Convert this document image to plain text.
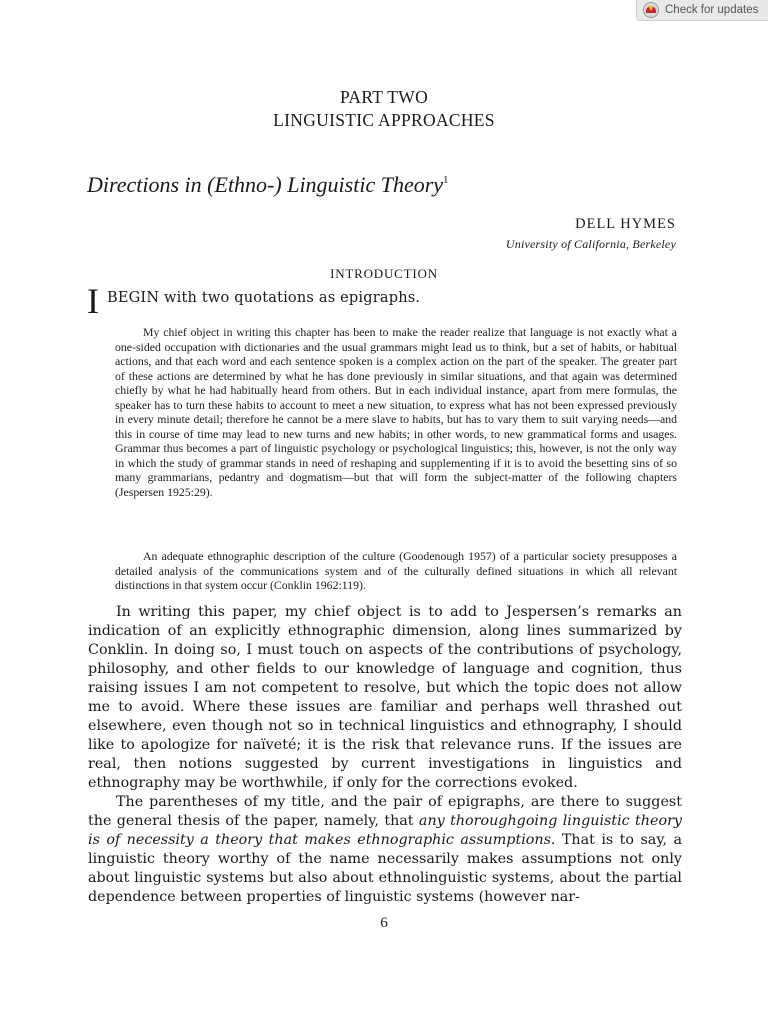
Check for updates
PART TWO
LINGUISTIC APPROACHES
Directions in (Ethno-) Linguistic Theory$^1$
DELL HYMES
University of California, Berkeley
INTRODUCTION
I BEGIN with two quotations as epigraphs.
My chief object in writing this chapter has been to make the reader realize that language is not exactly what a one-sided occupation with dictionaries and the usual grammars might lead us to think, but a set of habits, or habitual actions, and that each word and each sentence spoken is a complex action on the part of the speaker. The greater part of these actions are determined by what he has done previously in similar situations, and that again was determined chiefly by what he had habitually heard from others. But in each individual instance, apart from mere formulas, the speaker has to turn these habits to account to meet a new situation, to express what has not been expressed previously in every minute detail; therefore he cannot be a mere slave to habits, but has to vary them to suit varying needs—and this in course of time may lead to new turns and new habits; in other words, to new grammatical forms and usages. Grammar thus becomes a part of linguistic psychology or psychological linguistics; this, however, is not the only way in which the study of grammar stands in need of reshaping and supplementing if it is to avoid the besetting sins of so many grammarians, pedantry and dogmatism—but that will form the subject-matter of the following chapters (Jespersen 1925:29).
An adequate ethnographic description of the culture (Goodenough 1957) of a particular society presupposes a detailed analysis of the communications system and of the culturally defined situations in which all relevant distinctions in that system occur (Conklin 1962:119).

In writing this paper, my chief object is to add to Jespersen’s remarks an indication of an explicitly ethnographic dimension, along lines summarized by Conklin. In doing so, I must touch on aspects of the contributions of psychology, philosophy, and other fields to our knowledge of language and cognition, thus raising issues I am not competent to resolve, but which the topic does not allow me to avoid. Where these issues are familiar and perhaps well thrashed out elsewhere, even though not so in technical linguistics and ethnography, I should like to apologize for naïveté; it is the risk that relevance runs. If the issues are real, then notions suggested by current investigations in linguistics and ethnography may be worthwhile, if only for the corrections evoked.

The parentheses of my title, and the pair of epigraphs, are there to suggest the general thesis of the paper, namely, that any thoroughgoing linguistic theory is of necessity a theory that makes ethnographic assumptions. That is to say, a linguistic theory worthy of the name necessarily makes assumptions not only about linguistic systems but also about ethnolinguistic systems, about the partial dependence between properties of linguistic systems (however nar-

6
